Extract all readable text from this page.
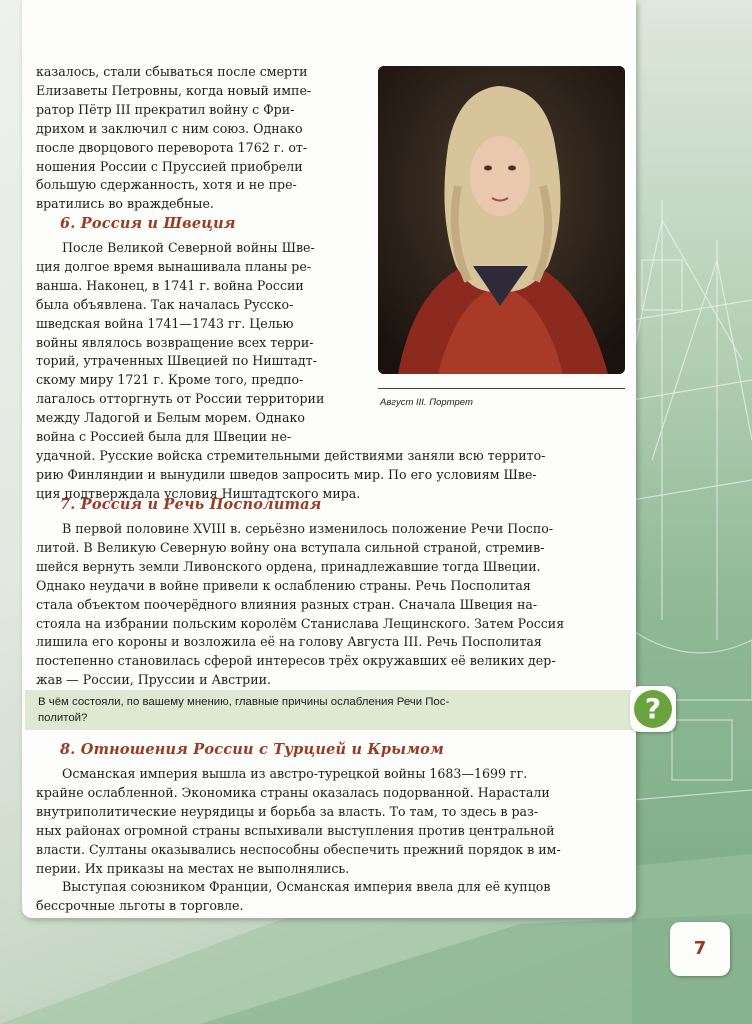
казалось, стали сбываться после смерти

Елизаветы Петровны, когда новый импе-

ратор Пётр III прекратил войну с Фри-

дрихом и заключил с ним союз. Однако

после дворцового переворота 1762 г. от-

ношения России с Пруссией приобрели

большую сдержанность, хотя и не пре-

вратились во враждебные.

6. Россия и Швеция

После Великой Северной войны Шве-

ция долгое время вынашивала планы ре-

ванша. Наконец, в 1741 г. война России

была объявлена. Так началась Русско-

шведская война 1741—1743 гг. Целью

войны являлось возвращение всех терри-

торий, утраченных Швецией по Ништадт-

скому миру 1721 г. Кроме того, предпо-

лагалось отторгнуть от России территории

между Ладогой и Белым морем. Однако

война с Россией была для Швеции не-

удачной. Русские войска стремительными действиями заняли всю террито-

рию Финляндии и вынудили шведов запросить мир. По его условиям Шве-

ция подтверждала условия Ништадтского мира.

Август III. Портрет
7. Россия и Речь Посполитая

В первой половине XVIII в. серьёзно изменилось положение Речи Поспо-

литой. В Великую Северную войну она вступала сильной страной, стремив-

шейся вернуть земли Ливонского ордена, принадлежавшие тогда Швеции.

Однако неудачи в войне привели к ослаблению страны. Речь Посполитая

стала объектом поочерёдного влияния разных стран. Сначала Швеция на-

стояла на избрании польским королём Станислава Лещинского. Затем Россия

лишила его короны и возложила её на голову Августа III. Речь Посполитая

постепенно становилась сферой интересов трёх окружавших её великих дер-

жав — России, Пруссии и Австрии.

В чём состояли, по вашему мнению, главные причины ослабления Речи Пос-
политой?	?
8. Отношения России с Турцией и Крымом

Османская империя вышла из австро-турецкой войны 1683—1699 гг.

крайне ослабленной. Экономика страны оказалась подорванной. Нарастали

внутриполитические неурядицы и борьба за власть. То там, то здесь в раз-

ных районах огромной страны вспыхивали выступления против центральной

власти. Султаны оказывались неспособны обеспечить прежний порядок в им-

перии. Их приказы на местах не выполнялись.

Выступая союзником Франции, Османская империя ввела для её купцов

бессрочные льготы в торговле.

7
